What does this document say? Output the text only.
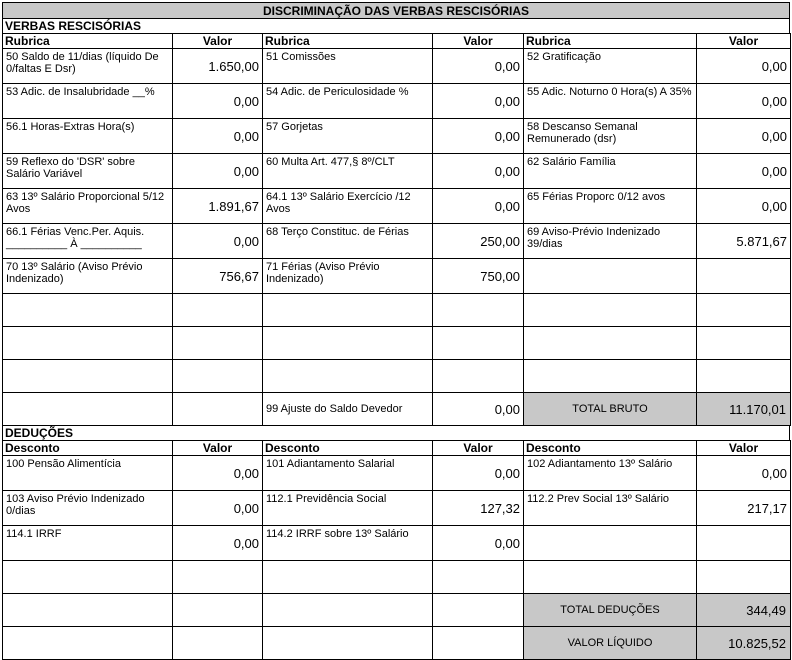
DISCRIMINAÇÃO DAS VERBAS RESCISÓRIAS
VERBAS RESCISÓRIAS
Rubrica	Valor	Rubrica	Valor	Rubrica	Valor
50 Saldo de 11/dias (líquido De 0/faltas E Dsr)	1.650,00	51 Comissões	0,00	52 Gratificação	0,00
53 Adic. de Insalubridade __%	0,00	54 Adic. de Periculosidade %	0,00	55 Adic. Noturno 0 Hora(s) A 35%	0,00
56.1 Horas-Extras Hora(s)	0,00	57 Gorjetas	0,00	58 Descanso Semanal Remunerado (dsr)	0,00
59 Reflexo do 'DSR' sobre Salário Variável	0,00	60 Multa Art. 477,§ 8º/CLT	0,00	62 Salário Família	0,00
63 13º Salário Proporcional 5/12 Avos	1.891,67	64.1 13º Salário Exercício /12 Avos	0,00	65 Férias Proporc 0/12 avos	0,00
66.1 Férias Venc.Per. Aquis. __________ À __________	0,00	68 Terço Constituc. de Férias	250,00	69 Aviso-Prévio Indenizado 39/dias	5.871,67
70 13º Salário (Aviso Prévio Indenizado)	756,67	71 Férias (Aviso Prévio Indenizado)	750,00		

		99 Ajuste do Saldo Devedor	0,00	TOTAL BRUTO	11.170,01
DEDUÇÕES
Desconto	Valor	Desconto	Valor	Desconto	Valor
100 Pensão Alimentícia	0,00	101 Adiantamento Salarial	0,00	102 Adiantamento 13º Salário	0,00
103 Aviso Prévio Indenizado 0/dias	0,00	112.1 Previdência Social	127,32	112.2 Prev Social 13º Salário	217,17
114.1 IRRF	0,00	114.2 IRRF sobre 13º Salário	0,00		

				TOTAL DEDUÇÕES	344,49
				VALOR LÍQUIDO	10.825,52
